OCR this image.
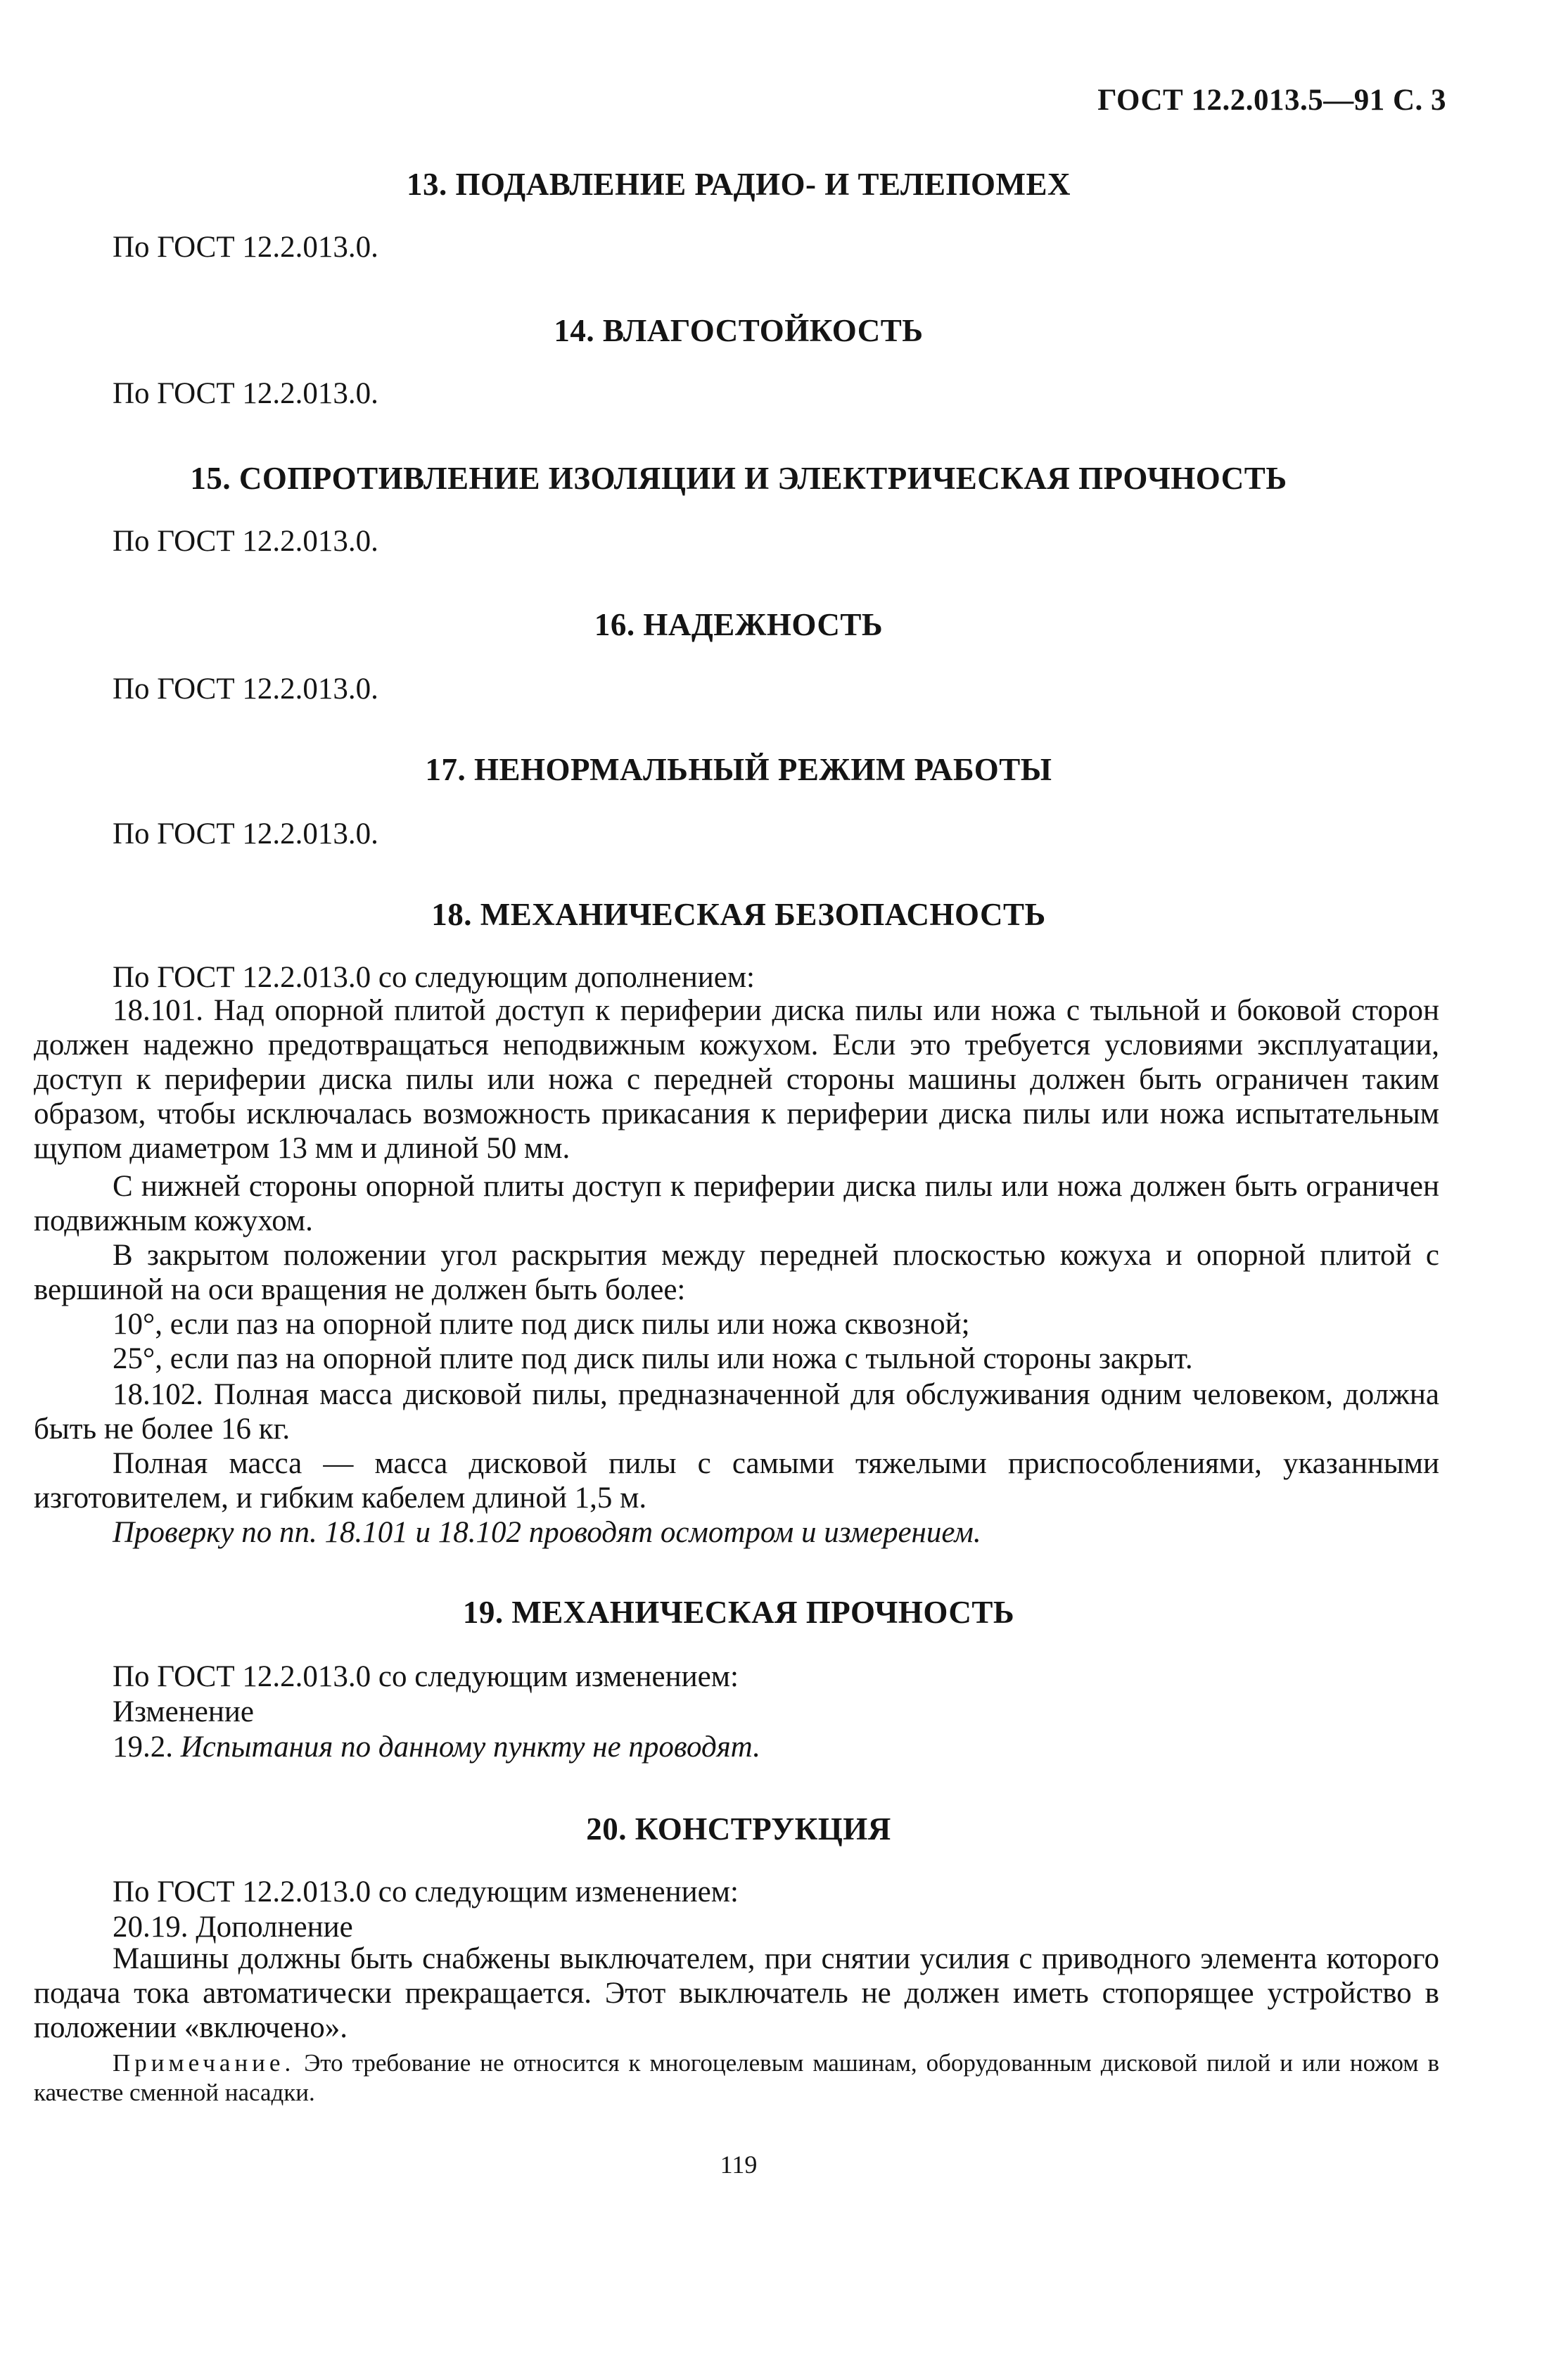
ГОСТ 12.2.013.5—91 С. 3
13. ПОДАВЛЕНИЕ РАДИО- И ТЕЛЕПОМЕХ
По ГОСТ 12.2.013.0.
14. ВЛАГОСТОЙКОСТЬ
По ГОСТ 12.2.013.0.
15. СОПРОТИВЛЕНИЕ ИЗОЛЯЦИИ И ЭЛЕКТРИЧЕСКАЯ ПРОЧНОСТЬ
По ГОСТ 12.2.013.0.
16. НАДЕЖНОСТЬ
По ГОСТ 12.2.013.0.
17. НЕНОРМАЛЬНЫЙ РЕЖИМ РАБОТЫ
По ГОСТ 12.2.013.0.
18. МЕХАНИЧЕСКАЯ БЕЗОПАСНОСТЬ
По ГОСТ 12.2.013.0 со следующим дополнением:
18.101. Над опорной плитой доступ к периферии диска пилы или ножа с тыльной и боковой сторон должен надежно предотвращаться неподвижным кожухом. Если это требуется условиями эксплуатации, доступ к периферии диска пилы или ножа с передней стороны машины должен быть ограничен таким образом, чтобы исключалась возможность прикасания к периферии диска пилы или ножа испытательным щупом диаметром 13 мм и длиной 50 мм.
С нижней стороны опорной плиты доступ к периферии диска пилы или ножа должен быть ограничен подвижным кожухом.
В закрытом положении угол раскрытия между передней плоскостью кожуха и опорной плитой с вершиной на оси вращения не должен быть более:
10°, если паз на опорной плите под диск пилы или ножа сквозной;
25°, если паз на опорной плите под диск пилы или ножа с тыльной стороны закрыт.
18.102. Полная масса дисковой пилы, предназначенной для обслуживания одним человеком, должна быть не более 16 кг.
Полная масса — масса дисковой пилы с самыми тяжелыми приспособлениями, указанными изготовителем, и гибким кабелем длиной 1,5 м.
Проверку по пп. 18.101 и 18.102 проводят осмотром и измерением.
19. МЕХАНИЧЕСКАЯ ПРОЧНОСТЬ
По ГОСТ 12.2.013.0 со следующим изменением:
Изменение
19.2. Испытания по данному пункту не проводят.
20. КОНСТРУКЦИЯ
По ГОСТ 12.2.013.0 со следующим изменением:
20.19. Дополнение
Машины должны быть снабжены выключателем, при снятии усилия с приводного элемента которого подача тока автоматически прекращается. Этот выключатель не должен иметь стопорящее устройство в положении «включено».
Примечание. Это требование не относится к многоцелевым машинам, оборудованным дисковой пилой и или ножом в качестве сменной насадки.
119
